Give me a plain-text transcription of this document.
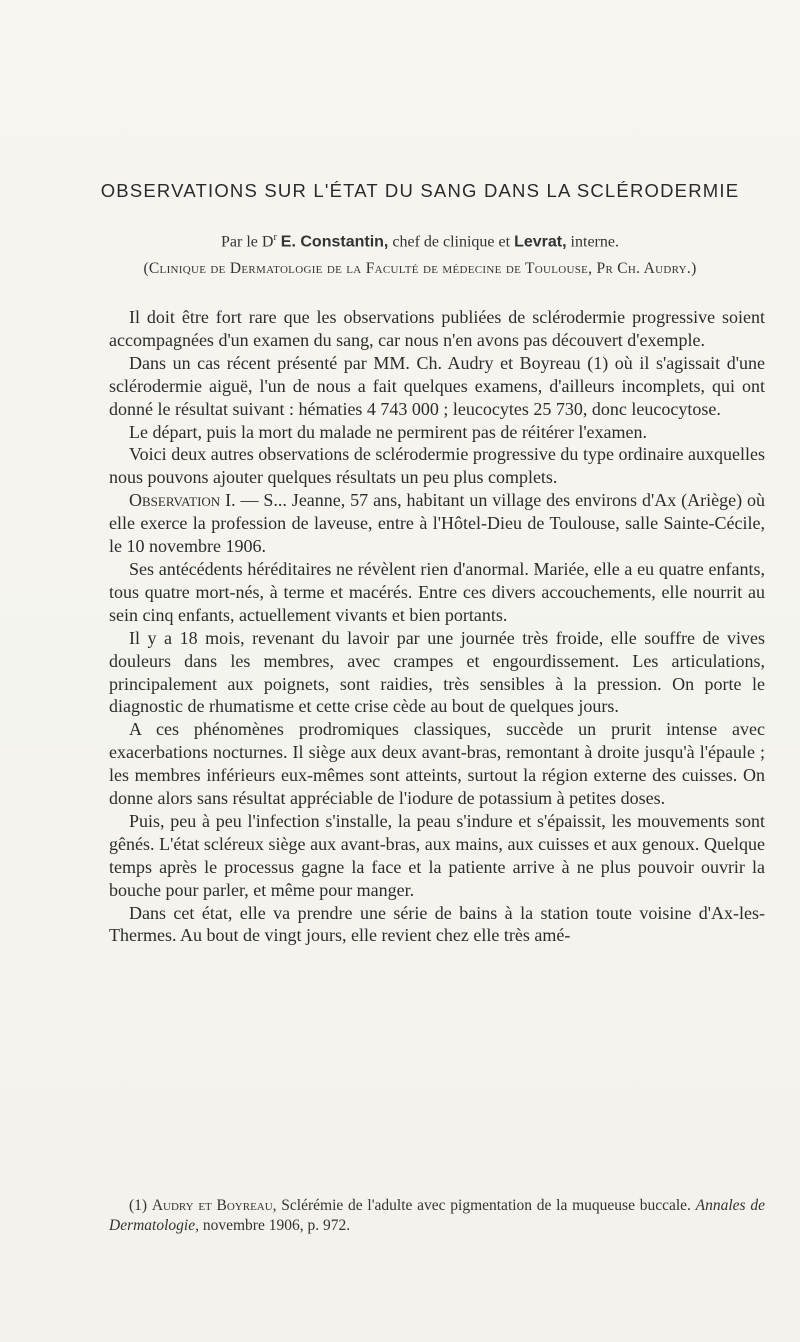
OBSERVATIONS SUR L'ÉTAT DU SANG DANS LA SCLÉRODERMIE
Par le $D^r$ E. Constantin, chef de clinique et Levrat, interne.
(Clinique de Dermatologie de la Faculté de médecine de Toulouse, Pr Ch. Audry.)

Il doit être fort rare que les observations publiées de sclérodermie progressive soient accompagnées d'un examen du sang, car nous n'en avons pas découvert d'exemple.

Dans un cas récent présenté par MM. Ch. Audry et Boyreau (1) où il s'agissait d'une sclérodermie aiguë, l'un de nous a fait quelques examens, d'ailleurs incomplets, qui ont donné le résultat suivant : hématies 4 743 000 ; leucocytes 25 730, donc leucocytose.

Le départ, puis la mort du malade ne permirent pas de réitérer l'examen.

Voici deux autres observations de sclérodermie progressive du type ordinaire auxquelles nous pouvons ajouter quelques résultats un peu plus complets.

Observation I. — S... Jeanne, 57 ans, habitant un village des environs d'Ax (Ariège) où elle exerce la profession de laveuse, entre à l'Hôtel-Dieu de Toulouse, salle Sainte-Cécile, le 10 novembre 1906.

Ses antécédents héréditaires ne révèlent rien d'anormal. Mariée, elle a eu quatre enfants, tous quatre mort-nés, à terme et macérés. Entre ces divers accouchements, elle nourrit au sein cinq enfants, actuellement vivants et bien portants.

Il y a 18 mois, revenant du lavoir par une journée très froide, elle souffre de vives douleurs dans les membres, avec crampes et engourdissement. Les articulations, principalement aux poignets, sont raidies, très sensibles à la pression. On porte le diagnostic de rhumatisme et cette crise cède au bout de quelques jours.

A ces phénomènes prodromiques classiques, succède un prurit intense avec exacerbations nocturnes. Il siège aux deux avant-bras, remontant à droite jusqu'à l'épaule ; les membres inférieurs eux-mêmes sont atteints, surtout la région externe des cuisses. On donne alors sans résultat appréciable de l'iodure de potassium à petites doses.

Puis, peu à peu l'infection s'installe, la peau s'indure et s'épaissit, les mouvements sont gênés. L'état scléreux siège aux avant-bras, aux mains, aux cuisses et aux genoux. Quelque temps après le processus gagne la face et la patiente arrive à ne plus pouvoir ouvrir la bouche pour parler, et même pour manger.

Dans cet état, elle va prendre une série de bains à la station toute voisine d'Ax-les-Thermes. Au bout de vingt jours, elle revient chez elle très amé-

(1) Audry et Boyreau, Sclérémie de l'adulte avec pigmentation de la muqueuse buccale. Annales de Dermatologie, novembre 1906, p. 972.
